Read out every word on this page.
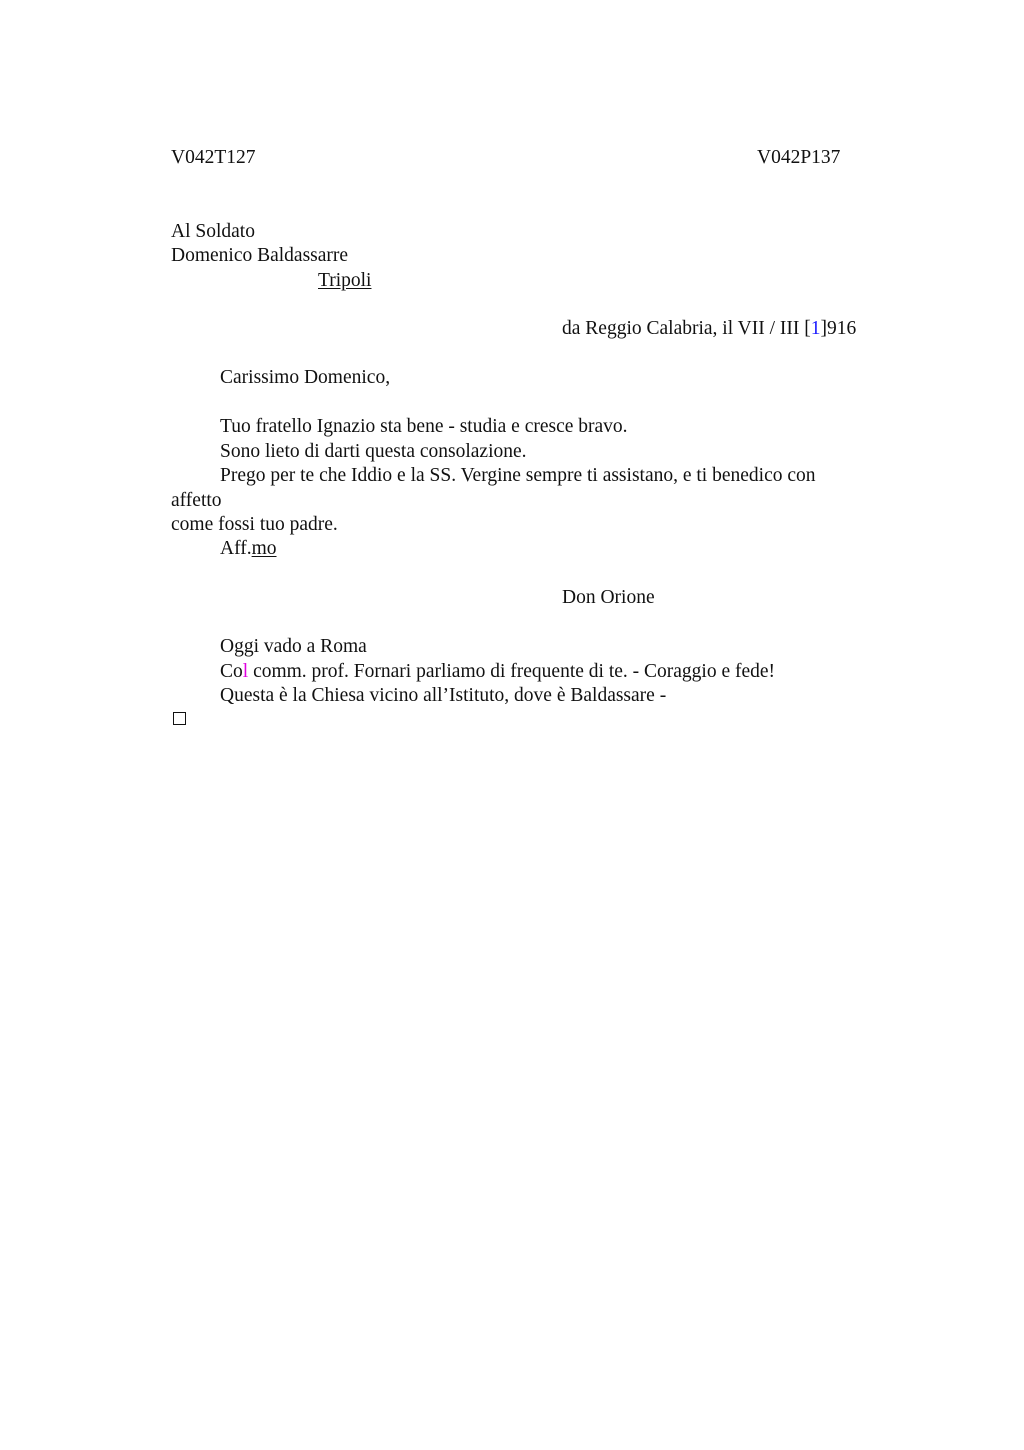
V042T127	V042P137
Al Soldato
Domenico Baldassarre
Tripoli
da Reggio Calabria, il VII / III [1]916
Carissimo Domenico,
Tuo fratello Ignazio sta bene - studia e cresce bravo.
Sono lieto di darti questa consolazione.
Prego per te che Iddio e la SS. Vergine sempre ti assistano, e ti benedico con
affetto
come fossi tuo padre.
Aff.mo
Don Orione
Oggi vado a Roma
Col comm. prof. Fornari parliamo di frequente di te. - Coraggio e fede!
Questa è la Chiesa vicino all’Istituto, dove è Baldassare -
